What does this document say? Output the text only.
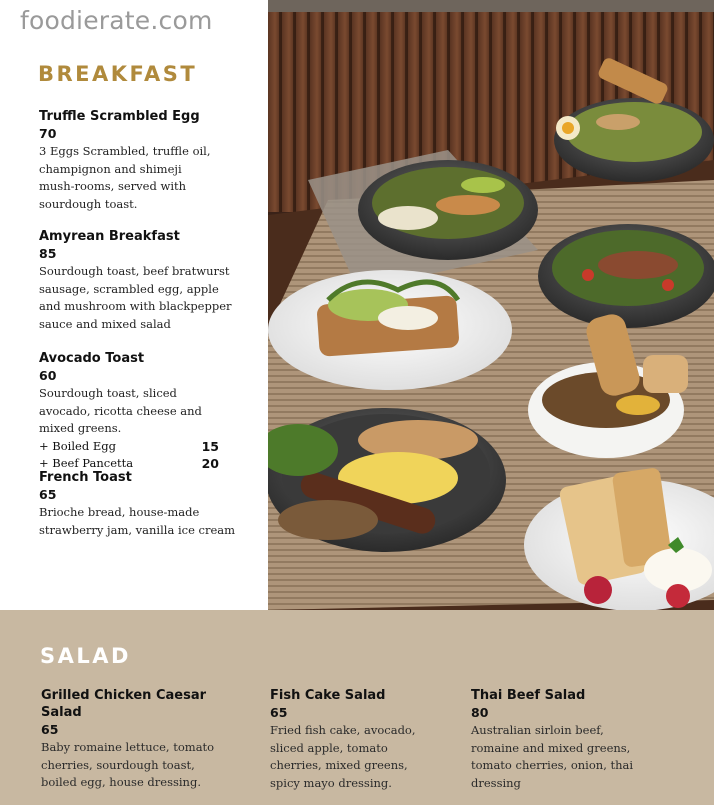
foodierate.com
BREAKFAST
Truffle Scrambled Egg
70
3 Eggs Scrambled, truffle oil, champignon and shimeji mush-rooms, served with sourdough toast.
Amyrean Breakfast
85
Sourdough toast, beef bratwurst sausage, scrambled egg, apple and mushroom with blackpepper sauce and mixed salad
Avocado Toast
60
Sourdough toast, sliced avocado, ricotta cheese and mixed greens.
+ Boiled Egg	15
+ Beef Pancetta	20
French Toast
65
Brioche bread, house-made strawberry jam, vanilla ice cream
SALAD
Grilled Chicken Caesar Salad
65
Baby romaine lettuce, tomato cherries, sourdough toast, boiled egg, house dressing.
Fish Cake Salad
65
Fried fish cake, avocado, sliced apple, tomato cherries, mixed greens, spicy mayo dressing.
Thai Beef Salad
80
Australian sirloin beef, romaine and mixed greens, tomato cherries, onion, thai dressing
